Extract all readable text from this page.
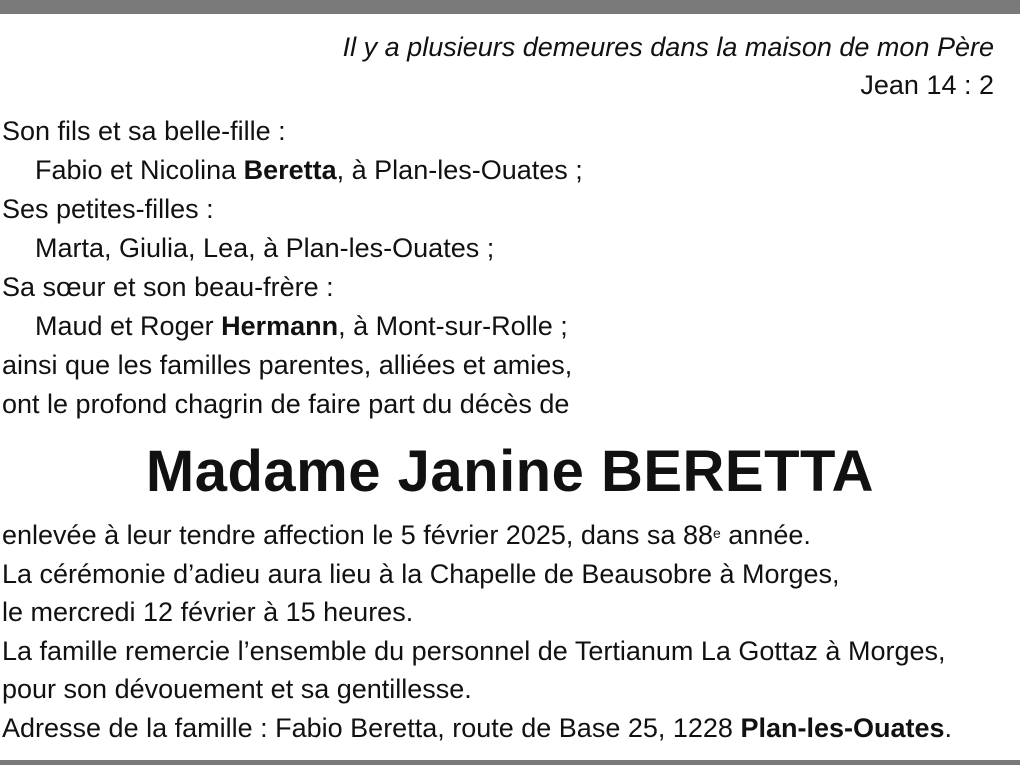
Il y a plusieurs demeures dans la maison de mon Père
Jean 14 : 2
Son fils et sa belle-fille :
Fabio et Nicolina Beretta, à Plan-les-Ouates ;
Ses petites-filles :
Marta, Giulia, Lea, à Plan-les-Ouates ;
Sa sœur et son beau-frère :
Maud et Roger Hermann, à Mont-sur-Rolle ;
ainsi que les familles parentes, alliées et amies,
ont le profond chagrin de faire part du décès de
Madame Janine BERETTA
enlevée à leur tendre affection le 5 février 2025, dans sa 88e année.
La cérémonie d’adieu aura lieu à la Chapelle de Beausobre à Morges,
le mercredi 12 février à 15 heures.
La famille remercie l’ensemble du personnel de Tertianum La Gottaz à Morges,
pour son dévouement et sa gentillesse.
Adresse de la famille : Fabio Beretta, route de Base 25, 1228 Plan-les-Ouates.
